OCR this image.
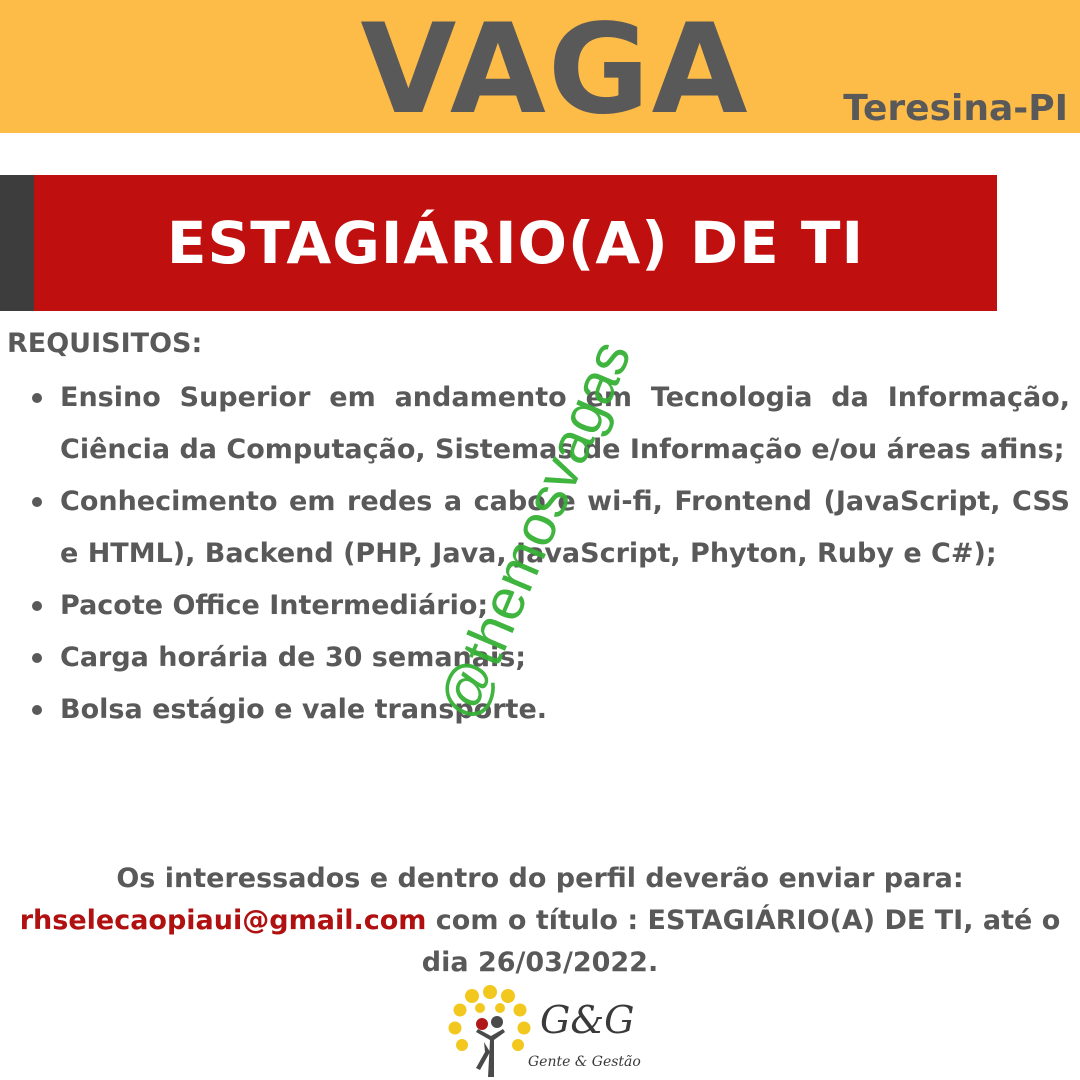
VAGA	Teresina-PI
ESTAGIÁRIO(A) DE TI
REQUISITOS:
Ensino Superior em andamento em Tecnologia da Informação, Ciência da Computação, Sistemas de Informação e/ou áreas afins;
Conhecimento em redes a cabo e wi-fi, Frontend (JavaScript, CSS e HTML), Backend (PHP, Java, JavaScript, Phyton, Ruby e C#);
Pacote Office Intermediário;
Carga horária de 30 semanais;
Bolsa estágio e vale transporte.
Os interessados e dentro do perfil deverão enviar para:
rhselecaopiaui@gmail.com com o título : ESTAGIÁRIO(A) DE TI, até o dia 26/03/2022.
@themosvagas
G&G
Gente & Gestão
